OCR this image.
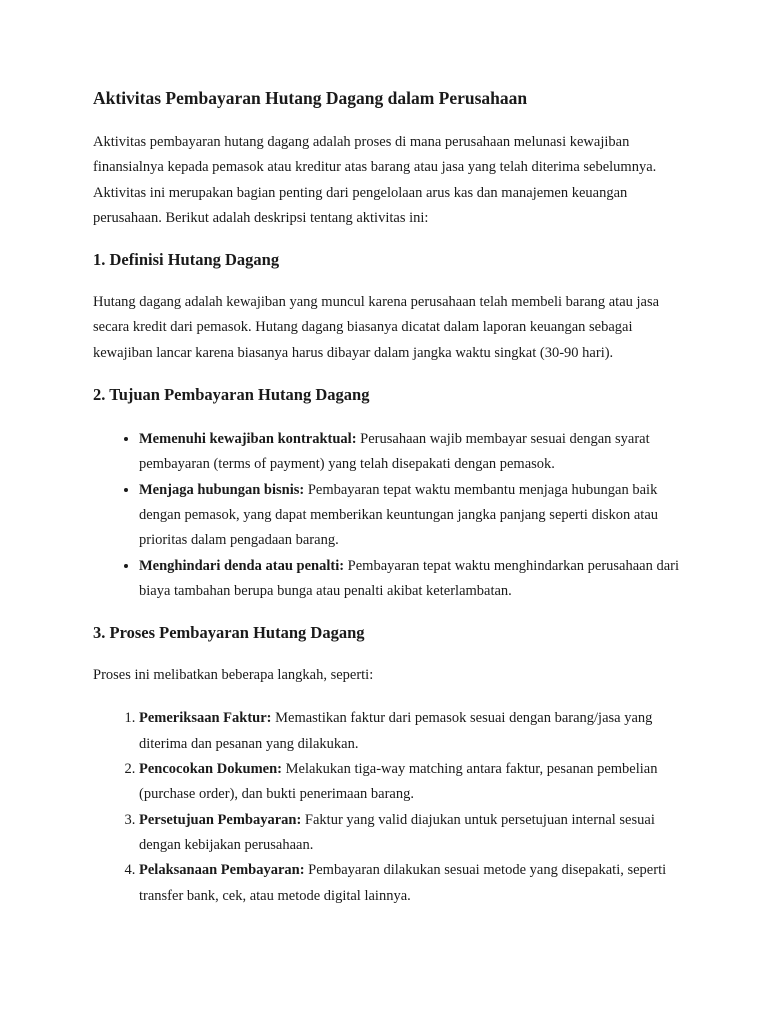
Aktivitas Pembayaran Hutang Dagang dalam Perusahaan

Aktivitas pembayaran hutang dagang adalah proses di mana perusahaan melunasi kewajiban finansialnya kepada pemasok atau kreditur atas barang atau jasa yang telah diterima sebelumnya. Aktivitas ini merupakan bagian penting dari pengelolaan arus kas dan manajemen keuangan perusahaan. Berikut adalah deskripsi tentang aktivitas ini:

1. Definisi Hutang Dagang

Hutang dagang adalah kewajiban yang muncul karena perusahaan telah membeli barang atau jasa secara kredit dari pemasok. Hutang dagang biasanya dicatat dalam laporan keuangan sebagai kewajiban lancar karena biasanya harus dibayar dalam jangka waktu singkat (30-90 hari).

2. Tujuan Pembayaran Hutang Dagang
• Memenuhi kewajiban kontraktual: Perusahaan wajib membayar sesuai dengan syarat pembayaran (terms of payment) yang telah disepakati dengan pemasok.
• Menjaga hubungan bisnis: Pembayaran tepat waktu membantu menjaga hubungan baik dengan pemasok, yang dapat memberikan keuntungan jangka panjang seperti diskon atau prioritas dalam pengadaan barang.
• Menghindari denda atau penalti: Pembayaran tepat waktu menghindarkan perusahaan dari biaya tambahan berupa bunga atau penalti akibat keterlambatan.
3. Proses Pembayaran Hutang Dagang

Proses ini melibatkan beberapa langkah, seperti:

1. Pemeriksaan Faktur: Memastikan faktur dari pemasok sesuai dengan barang/jasa yang diterima dan pesanan yang dilakukan.
2. Pencocokan Dokumen: Melakukan tiga-way matching antara faktur, pesanan pembelian (purchase order), dan bukti penerimaan barang.
3. Persetujuan Pembayaran: Faktur yang valid diajukan untuk persetujuan internal sesuai dengan kebijakan perusahaan.
4. Pelaksanaan Pembayaran: Pembayaran dilakukan sesuai metode yang disepakati, seperti transfer bank, cek, atau metode digital lainnya.
